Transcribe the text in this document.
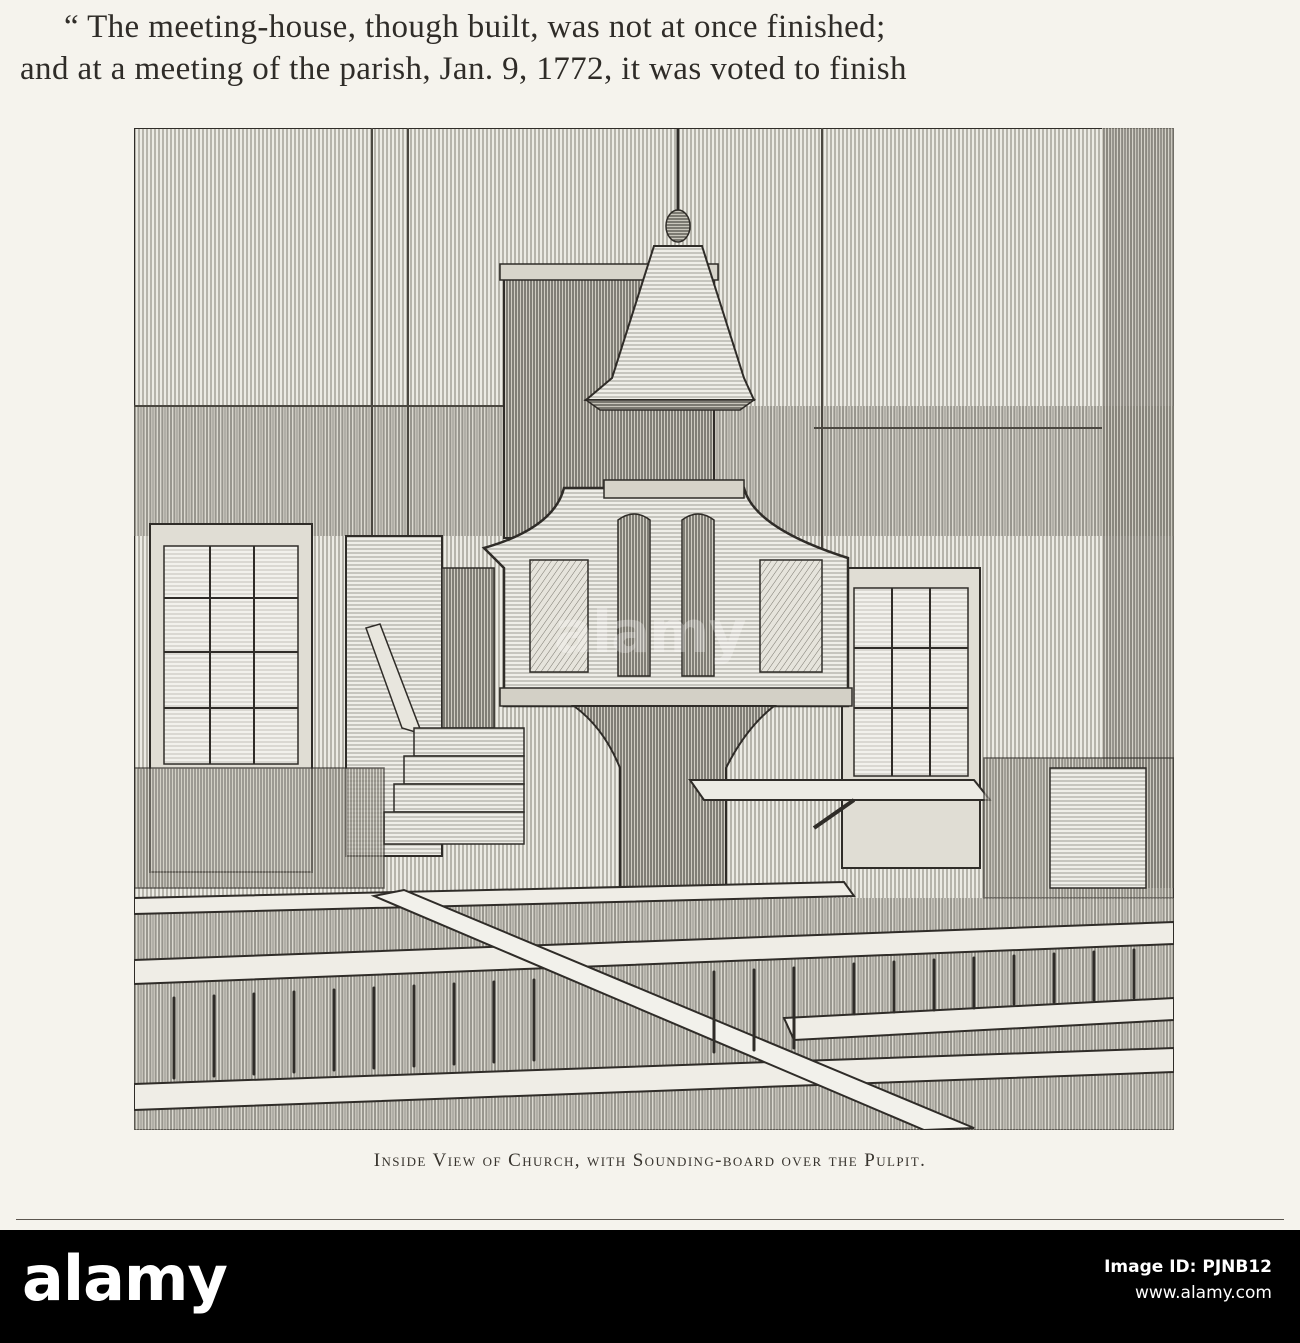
“ The meeting-house, though built, was not at once finished;
and at a meeting of the parish, Jan. 9, 1772, it was voted to finish
alamy
Inside View of Church, with Sounding-board over the Pulpit.
alamy	Image ID: PJNB12
www.alamy.com
